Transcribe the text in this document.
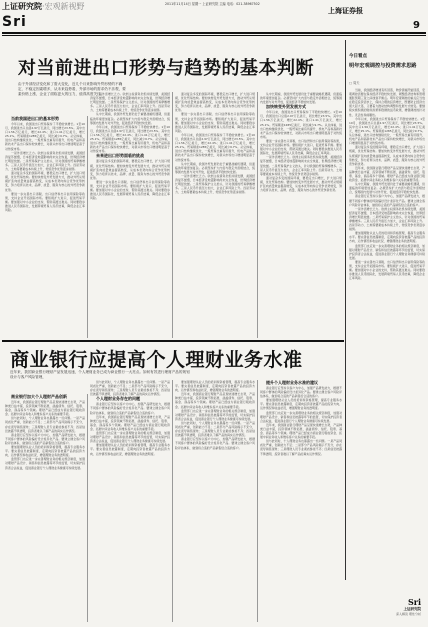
上证研究院·宏观新视野	2011年11月14日 星期一 上证研究院 主编 电话：021-38967502
上海证券报
Sri	9
对当前进出口形势与趋势的基本判断
由于外部经济变化和了需大变化，近几个月来影响外贸形势的不确定、不稳定因素增多，从未来趋势看，外部市场的需求仍不乐观，要素价格上涨，企业了面临更大的压力，值得高度关注。

当前我国进出口的基本形势

今年以来，我国进出口贸易保持了平稳较快增长。1至10月，我国进出口总值2.97万亿美元，同比增长23.5%。其中出口1.56万亿美元，增长22.4%；进口1.41万亿美元，增长25.1%。贸易顺差1285亿美元，同比减少9.7%。从总体看，进出口结构继续优化，一般贸易比重有所提升，机电产品和高新技术产品出口保持较快增长，对新兴市场出口增速明显高于对传统市场。

一是外需增长乏力。欧洲主权债务危机持续发酵，美国经济复苏缓慢，日本经济受地震影响尚未完全恢复，世界经济增长明显放缓。二是贸易保护主义抬头，针对我国的贸易摩擦增多。三是人民币升值压力加大，企业汇率风险上升。四是劳动力、土地等要素成本持续上升，传统竞争优势逐步削弱。

面对复杂多变的国际环境，要稳定出口增长，扩大进口规模，优化贸易结构。要加快转变外贸发展方式，推动外贸从规模扩张向质量效益提高转变，从成本优势向综合竞争优势转变，努力培育以技术、品牌、质量、服务为核心的外贸竞争新优势。

要进一步完善出口退税、出口信贷和出口信用保险等政策，支持企业开拓国际市场。要积极扩大进口，促进贸易平衡。要加强对中小企业的支持，帮助其渡过难关。同时要稳步推进人民币国际化，发展跨境贸易人民币结算，降低企业汇率风险。

一是外需增长乏力。欧洲主权债务危机持续发酵，美国经济复苏缓慢，日本经济受地震影响尚未完全恢复，世界经济增长明显放缓。二是贸易保护主义抬头，针对我国的贸易摩擦增多。三是人民币升值压力加大，企业汇率风险上升。四是劳动力、土地等要素成本持续上升，传统竞争优势逐步削弱。

从中长期看，我国外贸发展仍处于重要战略机遇期，但面临的环境更加复杂。必须坚持扩大内需与稳定外需相结合，统筹国内发展与对外开放，促进经济平稳较快发展。

今年以来，我国进出口贸易保持了平稳较快增长。1至10月，我国进出口总值2.97万亿美元，同比增长23.5%。其中出口1.56万亿美元，增长22.4%；进口1.41万亿美元，增长25.1%。贸易顺差1285亿美元，同比减少9.7%。从总体看，进出口结构继续优化，一般贸易比重有所提升，机电产品和高新技术产品出口保持较快增长，对新兴市场出口增速明显高于对传统市场。

未来进出口形势面临的挑战

面对复杂多变的国际环境，要稳定出口增长，扩大进口规模，优化贸易结构。要加快转变外贸发展方式，推动外贸从规模扩张向质量效益提高转变，从成本优势向综合竞争优势转变，努力培育以技术、品牌、质量、服务为核心的外贸竞争新优势。

要进一步完善出口退税、出口信贷和出口信用保险等政策，支持企业开拓国际市场。要积极扩大进口，促进贸易平衡。要加强对中小企业的支持，帮助其渡过难关。同时要稳步推进人民币国际化，发展跨境贸易人民币结算，降低企业汇率风险。

面对复杂多变的国际环境，要稳定出口增长，扩大进口规模，优化贸易结构。要加快转变外贸发展方式，推动外贸从规模扩张向质量效益提高转变，从成本优势向综合竞争优势转变，努力培育以技术、品牌、质量、服务为核心的外贸竞争新优势。

要进一步完善出口退税、出口信贷和出口信用保险等政策，支持企业开拓国际市场。要积极扩大进口，促进贸易平衡。要加强对中小企业的支持，帮助其渡过难关。同时要稳步推进人民币国际化，发展跨境贸易人民币结算，降低企业汇率风险。

今年以来，我国进出口贸易保持了平稳较快增长。1至10月，我国进出口总值2.97万亿美元，同比增长23.5%。其中出口1.56万亿美元，增长22.4%；进口1.41万亿美元，增长25.1%。贸易顺差1285亿美元，同比减少9.7%。从总体看，进出口结构继续优化，一般贸易比重有所提升，机电产品和高新技术产品出口保持较快增长，对新兴市场出口增速明显高于对传统市场。

从中长期看，我国外贸发展仍处于重要战略机遇期，但面临的环境更加复杂。必须坚持扩大内需与稳定外需相结合，统筹国内发展与对外开放，促进经济平稳较快发展。

一是外需增长乏力。欧洲主权债务危机持续发酵，美国经济复苏缓慢，日本经济受地震影响尚未完全恢复，世界经济增长明显放缓。二是贸易保护主义抬头，针对我国的贸易摩擦增多。三是人民币升值压力加大，企业汇率风险上升。四是劳动力、土地等要素成本持续上升，传统竞争优势逐步削弱。

从中长期看，我国外贸发展仍处于重要战略机遇期，但面临的环境更加复杂。必须坚持扩大内需与稳定外需相结合，统筹国内发展与对外开放，促进经济平稳较快发展。

加快转变外贸发展方式

今年以来，我国进出口贸易保持了平稳较快增长。1至10月，我国进出口总值2.97万亿美元，同比增长23.5%。其中出口1.56万亿美元，增长22.4%；进口1.41万亿美元，增长25.1%。贸易顺差1285亿美元，同比减少9.7%。从总体看，进出口结构继续优化，一般贸易比重有所提升，机电产品和高新技术产品出口保持较快增长，对新兴市场出口增速明显高于对传统市场。

要进一步完善出口退税、出口信贷和出口信用保险等政策，支持企业开拓国际市场。要积极扩大进口，促进贸易平衡。要加强对中小企业的支持，帮助其渡过难关。同时要稳步推进人民币国际化，发展跨境贸易人民币结算，降低企业汇率风险。

一是外需增长乏力。欧洲主权债务危机持续发酵，美国经济复苏缓慢，日本经济受地震影响尚未完全恢复，世界经济增长明显放缓。二是贸易保护主义抬头，针对我国的贸易摩擦增多。三是人民币升值压力加大，企业汇率风险上升。四是劳动力、土地等要素成本持续上升，传统竞争优势逐步削弱。

面对复杂多变的国际环境，要稳定出口增长，扩大进口规模，优化贸易结构。要加快转变外贸发展方式，推动外贸从规模扩张向质量效益提高转变，从成本优势向综合竞争优势转变，努力培育以技术、品牌、质量、服务为核心的外贸竞争新优势。

今日看点
明年宏观调控与投资需求思路
□ 周天

当前，我国经济增速有所回落，物价涨幅开始回落，宏观调控需要在保持经济平稳较快发展、调整经济结构和管理通胀预期三者之间找到平衡点。明年宏观调控的重点应当放在稳定投资需求上，保持合理的投资增长，既要防止经济出现大起大落，又要着力推动结构调整和发展方式转变。要继续实施积极的财政政策和稳健的货币政策，增强调控的针对性、灵活性和前瞻性。

今年以来，我国进出口贸易保持了平稳较快增长。1至10月，我国进出口总值2.97万亿美元，同比增长23.5%。其中出口1.56万亿美元，增长22.4%；进口1.41万亿美元，增长25.1%。贸易顺差1285亿美元，同比减少9.7%。从总体看，进出口结构继续优化，一般贸易比重有所提升，机电产品和高新技术产品出口保持较快增长，对新兴市场出口增速明显高于对传统市场。

面对复杂多变的国际环境，要稳定出口增长，扩大进口规模，优化贸易结构。要加快转变外贸发展方式，推动外贸从规模扩张向质量效益提高转变，从成本优势向综合竞争优势转变，努力培育以技术、品牌、质量、服务为核心的外贸竞争新优势。

近年来，我国商业银行理财产品呈现快速增长态势，产品种类日益丰富，投资领域不断拓展，涵盖债券、信托、股票、基金、商品等多个领域。理财产品已经成为商业银行吸收资金、拓展中间业务收入和维系客户关系的重要手段。

从中长期看，我国外贸发展仍处于重要战略机遇期，但面临的环境更加复杂。必须坚持扩大内需与稳定外需相结合，统筹国内发展与对外开放，促进经济平稳较快发展。

商业银行应坚持以客户为中心，加强产品研发能力，根据不同客户群体的风险偏好设计差异化产品。要建立健全客户风险评估体系，做到将合适的产品销售给合适的客户。

一是外需增长乏力。欧洲主权债务危机持续发酵，美国经济复苏缓慢，日本经济受地震影响尚未完全恢复，世界经济增长明显放缓。二是贸易保护主义抬头，针对我国的贸易摩擦增多。三是人民币升值压力加大，企业汇率风险上升。四是劳动力、土地等要素成本持续上升，传统竞争优势逐步削弱。

要加强理财从业人员的培训和资格管理，提高专业服务水平。要完善信息披露制度，定期向投资者披露产品的投资方向、运作情况和收益状况，增强理财业务的透明度。

监管部门也应进一步完善理财业务的相关规章制度，加强对理财产品设计、销售和信息披露等环节的监管，切实保护投资者合法权益，促进商业银行个人理财业务健康可持续发展。

要进一步完善出口退税、出口信贷和出口信用保险等政策，支持企业开拓国际市场。要积极扩大进口，促进贸易平衡。要加强对中小企业的支持，帮助其渡过难关。同时要稳步推进人民币国际化，发展跨境贸易人民币结算，降低企业汇率风险。

商业银行应提高个人理财业务水准
近年来，我国商业银行理财产品发展迅速，个人理财业务已成为商业银行一大亮点。如何有效进行理财产品的规划设计与客户风险管理，

商业银行加大个人理财产品创新

近年来，我国商业银行理财产品呈现快速增长态势，产品种类日益丰富，投资领域不断拓展，涵盖债券、信托、股票、基金、商品等多个领域。理财产品已经成为商业银行吸收资金、拓展中间业务收入和维系客户关系的重要手段。

但与此同时，个人理财业务也暴露出一些问题。一是产品同质化严重，创新能力不足；二是部分产品风险揭示不充分，存在误导销售现象；三是理财人员专业素质参差不齐；四是信息披露不够透明，投资者难以了解产品的真实运作情况。

商业银行应坚持以客户为中心，加强产品研发能力，根据不同客户群体的风险偏好设计差异化产品。要建立健全客户风险评估体系，做到将合适的产品销售给合适的客户。

要加强理财从业人员的培训和资格管理，提高专业服务水平。要完善信息披露制度，定期向投资者披露产品的投资方向、运作情况和收益状况，增强理财业务的透明度。

监管部门也应进一步完善理财业务的相关规章制度，加强对理财产品设计、销售和信息披露等环节的监管，切实保护投资者合法权益，促进商业银行个人理财业务健康可持续发展。

但与此同时，个人理财业务也暴露出一些问题。一是产品同质化严重，创新能力不足；二是部分产品风险揭示不充分，存在误导销售现象；三是理财人员专业素质参差不齐；四是信息披露不够透明，投资者难以了解产品的真实运作情况。

个人理财业务存在的问题

商业银行应坚持以客户为中心，加强产品研发能力，根据不同客户群体的风险偏好设计差异化产品。要建立健全客户风险评估体系，做到将合适的产品销售给合适的客户。

近年来，我国商业银行理财产品呈现快速增长态势，产品种类日益丰富，投资领域不断拓展，涵盖债券、信托、股票、基金、商品等多个领域。理财产品已经成为商业银行吸收资金、拓展中间业务收入和维系客户关系的重要手段。

监管部门也应进一步完善理财业务的相关规章制度，加强对理财产品设计、销售和信息披露等环节的监管，切实保护投资者合法权益，促进商业银行个人理财业务健康可持续发展。

要加强理财从业人员的培训和资格管理，提高专业服务水平。要完善信息披露制度，定期向投资者披露产品的投资方向、运作情况和收益状况，增强理财业务的透明度。

要加强理财从业人员的培训和资格管理，提高专业服务水平。要完善信息披露制度，定期向投资者披露产品的投资方向、运作情况和收益状况，增强理财业务的透明度。

近年来，我国商业银行理财产品呈现快速增长态势，产品种类日益丰富，投资领域不断拓展，涵盖债券、信托、股票、基金、商品等多个领域。理财产品已经成为商业银行吸收资金、拓展中间业务收入和维系客户关系的重要手段。

监管部门也应进一步完善理财业务的相关规章制度，加强对理财产品设计、销售和信息披露等环节的监管，切实保护投资者合法权益，促进商业银行个人理财业务健康可持续发展。

但与此同时，个人理财业务也暴露出一些问题。一是产品同质化严重，创新能力不足；二是部分产品风险揭示不充分，存在误导销售现象；三是理财人员专业素质参差不齐；四是信息披露不够透明，投资者难以了解产品的真实运作情况。

商业银行应坚持以客户为中心，加强产品研发能力，根据不同客户群体的风险偏好设计差异化产品。要建立健全客户风险评估体系，做到将合适的产品销售给合适的客户。

提升个人理财业务水准的建议

商业银行应坚持以客户为中心，加强产品研发能力，根据不同客户群体的风险偏好设计差异化产品。要建立健全客户风险评估体系，做到将合适的产品销售给合适的客户。

要加强理财从业人员的培训和资格管理，提高专业服务水平。要完善信息披露制度，定期向投资者披露产品的投资方向、运作情况和收益状况，增强理财业务的透明度。

监管部门也应进一步完善理财业务的相关规章制度，加强对理财产品设计、销售和信息披露等环节的监管，切实保护投资者合法权益，促进商业银行个人理财业务健康可持续发展。

近年来，我国商业银行理财产品呈现快速增长态势，产品种类日益丰富，投资领域不断拓展，涵盖债券、信托、股票、基金、商品等多个领域。理财产品已经成为商业银行吸收资金、拓展中间业务收入和维系客户关系的重要手段。

但与此同时，个人理财业务也暴露出一些问题。一是产品同质化严重，创新能力不足；二是部分产品风险揭示不充分，存在误导销售现象；三是理财人员专业素质参差不齐；四是信息披露不够透明，投资者难以了解产品的真实运作情况。

Sri
上证研究院
深入解读 理性分析
